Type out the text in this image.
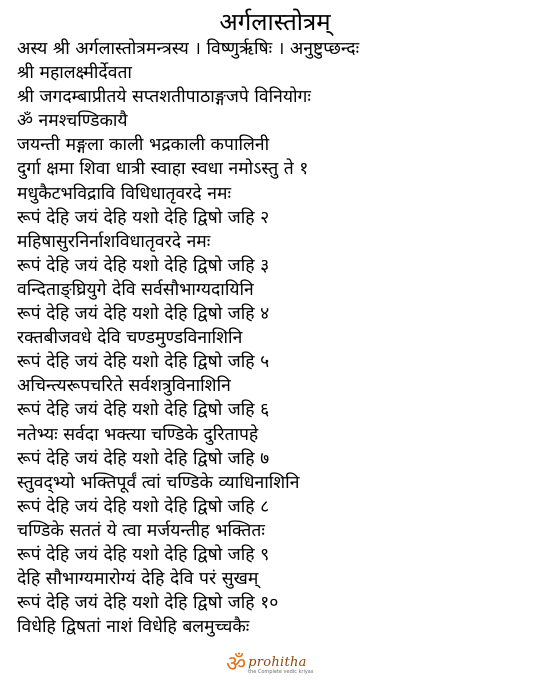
अर्गलास्तोत्रम्
अस्य श्री अर्गलास्तोत्रमन्त्रस्य । विष्णुर्ऋषिः । अनुष्टुप्छन्दः
श्री महालक्ष्मीर्देवता
श्री जगदम्बाप्रीतये सप्तशतीपाठाङ्गजपे विनियोगः
ॐ नमश्चण्डिकायै
जयन्ती मङ्गला काली भद्रकाली कपालिनी
दुर्गा क्षमा शिवा धात्री स्वाहा स्वधा नमोऽस्तु ते १
मधुकैटभविद्रावि विधिधातृवरदे नमः
रूपं देहि जयं देहि यशो देहि द्विषो जहि २
महिषासुरनिर्नाशविधातृवरदे नमः
रूपं देहि जयं देहि यशो देहि द्विषो जहि ३
वन्दिताङ्घ्रियुगे देवि सर्वसौभाग्यदायिनि
रूपं देहि जयं देहि यशो देहि द्विषो जहि ४
रक्तबीजवधे देवि चण्डमुण्डविनाशिनि
रूपं देहि जयं देहि यशो देहि द्विषो जहि ५
अचिन्त्यरूपचरिते सर्वशत्रुविनाशिनि
रूपं देहि जयं देहि यशो देहि द्विषो जहि ६
नतेभ्यः सर्वदा भक्त्या चण्डिके दुरितापहे
रूपं देहि जयं देहि यशो देहि द्विषो जहि ७
स्तुवद्भ्यो भक्तिपूर्वं त्वां चण्डिके व्याधिनाशिनि
रूपं देहि जयं देहि यशो देहि द्विषो जहि ८
चण्डिके सततं ये त्वा मर्जयन्तीह भक्तितः
रूपं देहि जयं देहि यशो देहि द्विषो जहि ९
देहि सौभाग्यमारोग्यं देहि देवि परं सुखम्
रूपं देहि जयं देहि यशो देहि द्विषो जहि १०
विधेहि द्विषतां नाशं विधेहि बलमुच्चकैः
ॐ prohitha
the Complete vedic kriyas
